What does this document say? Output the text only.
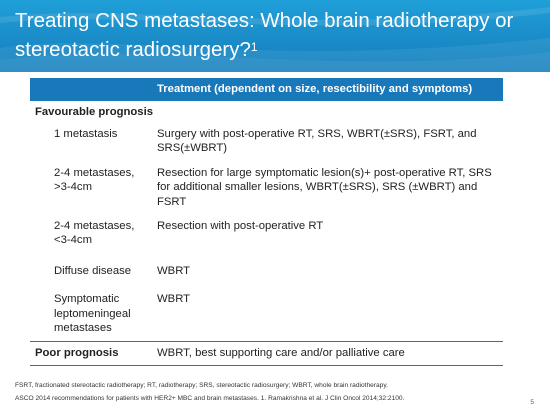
Treating CNS metastases: Whole brain radiotherapy or stereotactic radiosurgery?$^1$
	Treatment (dependent on size, resectibility and symptoms)
Favourable prognosis	
1 metastasis	Surgery with post-operative RT, SRS, WBRT(±SRS), FSRT, and SRS(±WBRT)
2-4 metastases, >3-4cm	Resection for large symptomatic lesion(s)+ post-operative RT, SRS for additional smaller lesions, WBRT(±SRS), SRS (±WBRT) and FSRT
2-4 metastases, <3-4cm	Resection with post-operative RT
Diffuse disease	WBRT
Symptomatic leptomeningeal metastases	WBRT
Poor prognosis	WBRT, best supporting care and/or palliative care
FSRT, fractionated stereotactic radiotherapy; RT, radiotherapy; SRS, stereotactic radiosurgery; WBRT, whole brain radiotherapy.
ASCO 2014 recommendations for patients with HER2+ MBC and brain metastases. 1. Ramakrishna et al. J Clin Oncol 2014;32:2100.
5
